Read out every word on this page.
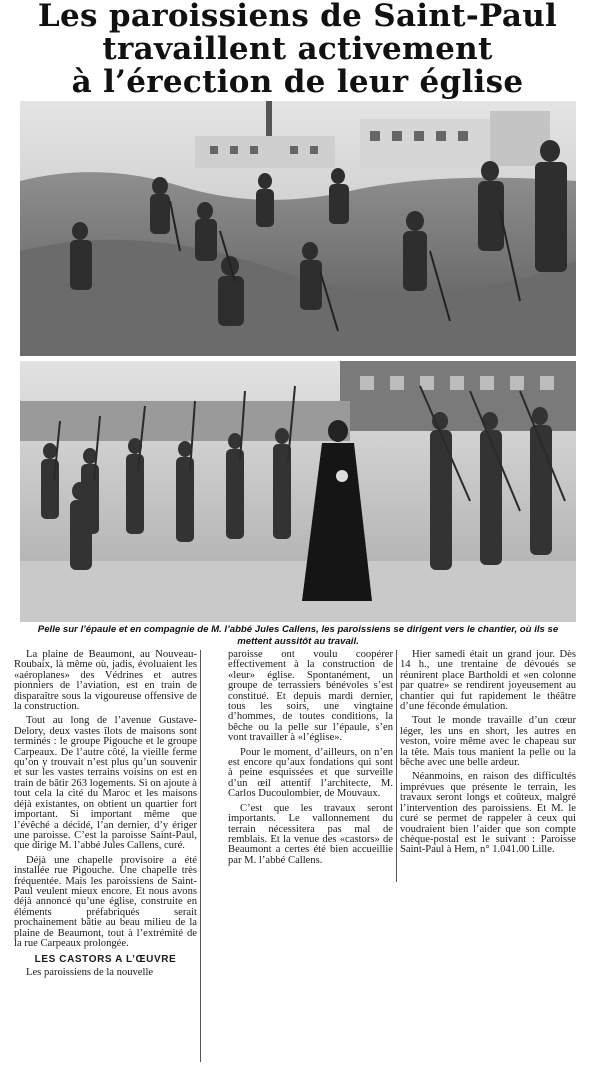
Les paroissiens de Saint-Paul
travaillent activement
à l’érection de leur église
Pelle sur l’épaule et en compagnie de M. l’abbé Jules Callens, les paroissiens se dirigent vers le chantier, où ils se mettent aussitôt au travail.

La plaine de Beaumont, au Nouveau-Roubaix, là même où, jadis, évoluaient les «aéroplanes» des Védrines et autres pionniers de l’aviation, est en train de disparaître sous la vigoureuse offensive de la construction.

Tout au long de l’avenue Gustave-Delory, deux vastes îlots de maisons sont terminés : le groupe Pigouche et le groupe Carpeaux. De l’autre côté, la vieille ferme qu’on y trouvait n’est plus qu’un souvenir et sur les vastes terrains voisins on est en train de bâtir 263 logements. Si on ajoute à tout cela la cité du Maroc et les maisons déjà existantes, on obtient un quartier fort important. Si important même que l’évêché a décidé, l’an dernier, d’y ériger une paroisse. C’est la paroisse Saint-Paul, que dirige M. l’abbé Jules Callens, curé.

Déjà une chapelle provisoire a été installée rue Pigouche. Une chapelle très fréquentée. Mais les paroissiens de Saint-Paul veulent mieux encore. Et nous avons déjà annoncé qu’une église, construite en éléments préfabriqués serait prochainement bâtie au beau milieu de la plaine de Beaumont, tout à l’extrémité de la rue Carpeaux prolongée.

LES CASTORS A L’ŒUVRE

Les paroissiens de la nouvelle

paroisse ont voulu coopérer effectivement à la construction de «leur» église. Spontanément, un groupe de terrassiers bénévoles s’est constitué. Et depuis mardi dernier, tous les soirs, une vingtaine d’hommes, de toutes conditions, la bêche ou la pelle sur l’épaule, s’en vont travailler à «l’église».

Pour le moment, d’ailleurs, on n’en est encore qu’aux fondations qui sont à peine esquissées et que surveille d’un œil attentif l’architecte, M. Carlos Ducoulombier, de Mouvaux.

C’est que les travaux seront importants. Le vallonnement du terrain nécessitera pas mal de remblais. Et la venue des «castors» de Beaumont a certes été bien accueillie par M. l’abbé Callens.

Hier samedi était un grand jour. Dès 14 h., une trentaine de dévoués se réunirent place Bartholdi et «en colonne par quatre» se rendirent joyeusement au chantier qui fut rapidement le théâtre d’une féconde émulation.

Tout le monde travaille d’un cœur léger, les uns en short, les autres en veston, voire même avec le chapeau sur la tête. Mais tous manient la pelle ou la bêche avec une belle ardeur.

Néanmoins, en raison des difficultés imprévues que présente le terrain, les travaux seront longs et coûteux, malgré l’intervention des paroissiens. Et M. le curé se permet de rappeler à ceux qui voudraient bien l’aider que son compte chèque-postal est le suivant : Paroisse Saint-Paul à Hem, n° 1.041.00 Lille.
